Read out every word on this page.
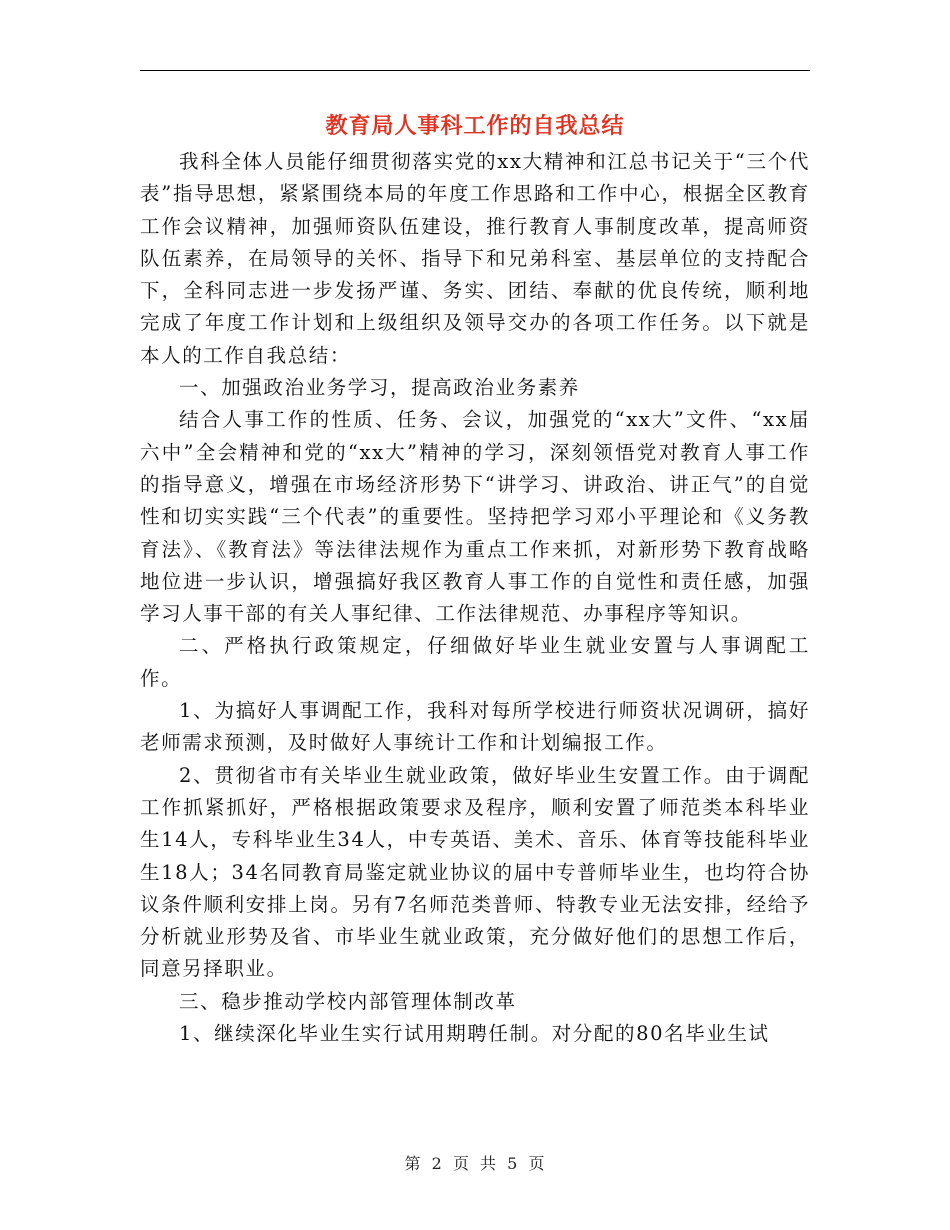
教育局人事科工作的自我总结

我科全体人员能仔细贯彻落实党的xx大精神和江总书记关于“三个代表”指导思想，紧紧围绕本局的年度工作思路和工作中心，根据全区教育工作会议精神，加强师资队伍建设，推行教育人事制度改革，提高师资队伍素养，在局领导的关怀、指导下和兄弟科室、基层单位的支持配合下，全科同志进一步发扬严谨、务实、团结、奉献的优良传统，顺利地完成了年度工作计划和上级组织及领导交办的各项工作任务。以下就是本人的工作自我总结：

一、加强政治业务学习，提高政治业务素养

结合人事工作的性质、任务、会议，加强党的“xx大”文件、“xx届六中”全会精神和党的“xx大”精神的学习，深刻领悟党对教育人事工作的指导意义，增强在市场经济形势下“讲学习、讲政治、讲正气”的自觉性和切实实践“三个代表”的重要性。坚持把学习邓小平理论和《义务教育法》、《教育法》等法律法规作为重点工作来抓，对新形势下教育战略地位进一步认识，增强搞好我区教育人事工作的自觉性和责任感，加强学习人事干部的有关人事纪律、工作法律规范、办事程序等知识。

二、严格执行政策规定，仔细做好毕业生就业安置与人事调配工作。

1、为搞好人事调配工作，我科对每所学校进行师资状况调研，搞好老师需求预测，及时做好人事统计工作和计划编报工作。

2、贯彻省市有关毕业生就业政策，做好毕业生安置工作。由于调配工作抓紧抓好，严格根据政策要求及程序，顺利安置了师范类本科毕业生14人，专科毕业生34人，中专英语、美术、音乐、体育等技能科毕业生18人；34名同教育局鉴定就业协议的届中专普师毕业生，也均符合协议条件顺利安排上岗。另有7名师范类普师、特教专业无法安排，经给予分析就业形势及省、市毕业生就业政策，充分做好他们的思想工作后，同意另择职业。

三、稳步推动学校内部管理体制改革

1、继续深化毕业生实行试用期聘任制。对分配的80名毕业生试

第 2 页 共 5 页
